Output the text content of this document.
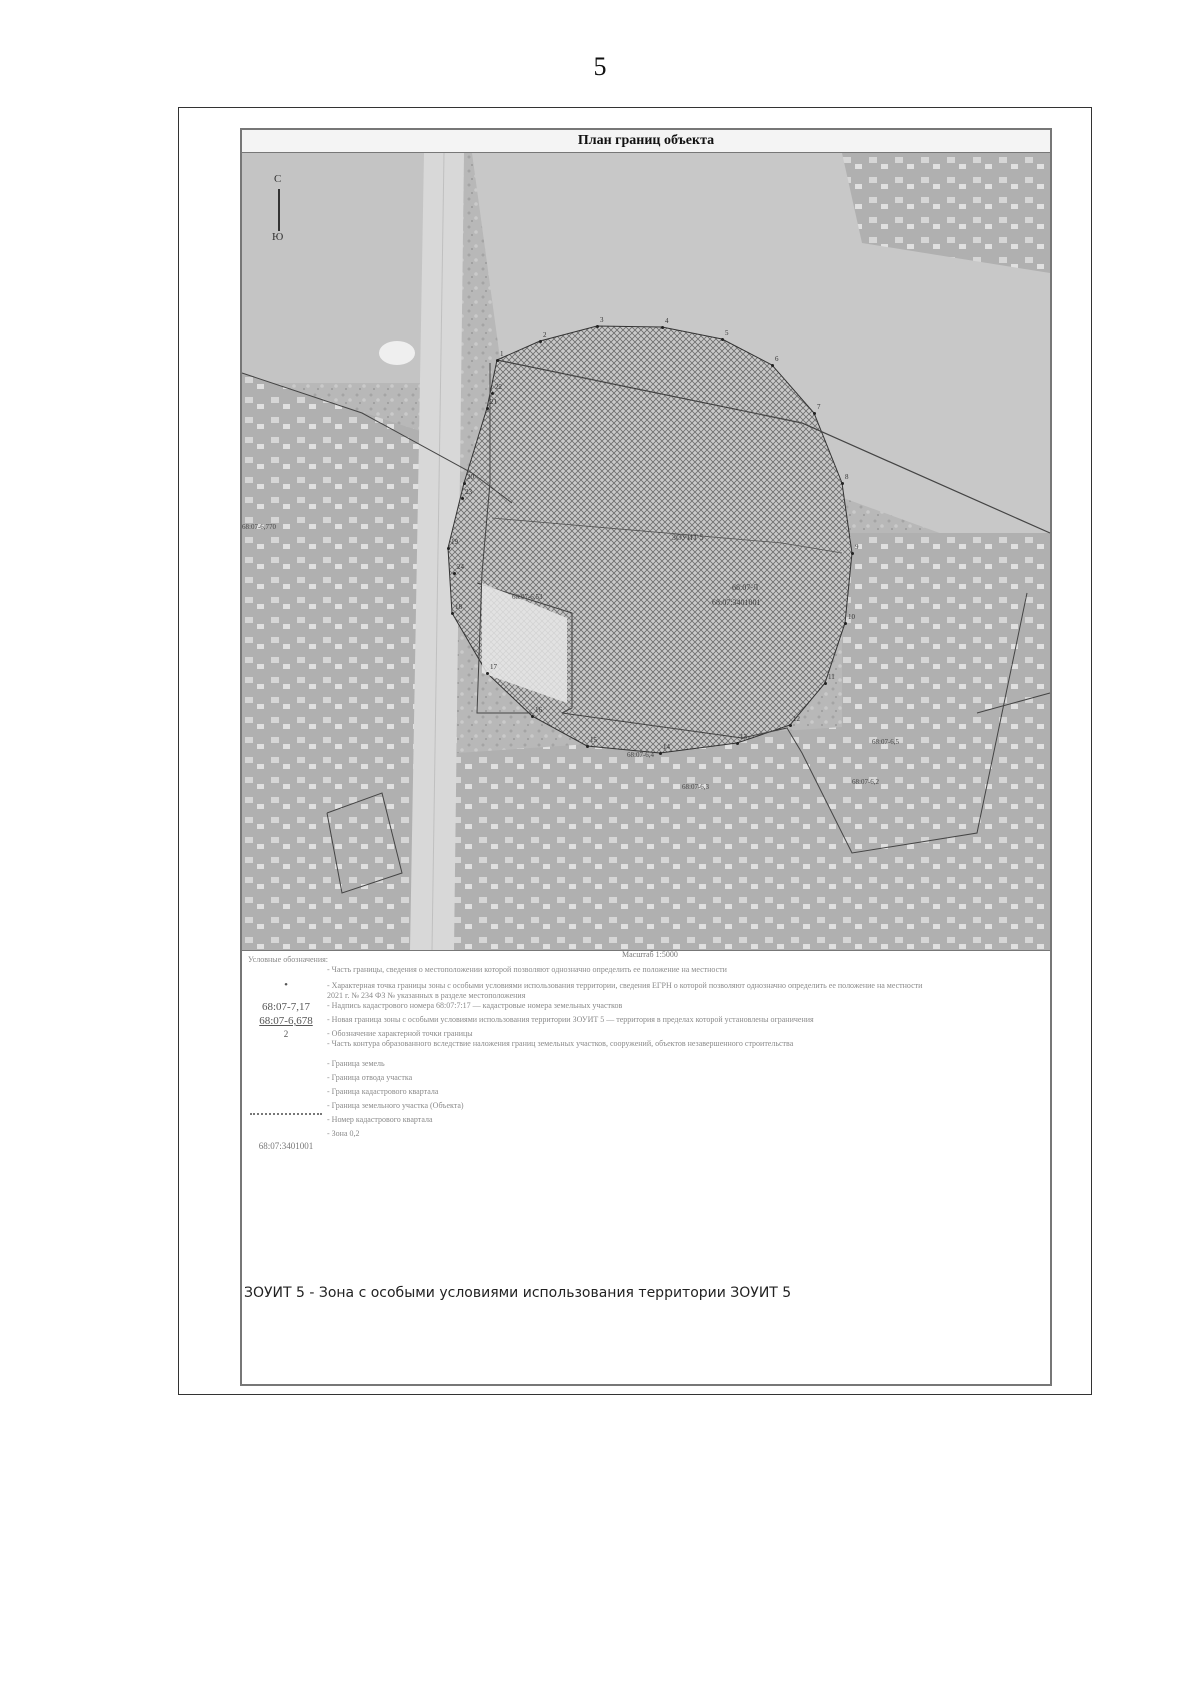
5
План границ объекта
С
Ю
ЗОУИТ 5
68:07-Л
68:07:3401001
68:07-6,53
68:07-6,5
68:07-6,2
68:07-6,4
68:07-6,3
68:07-6,770
1
2
3	4
5
6
7
8
9
10
11
12
13
14
15
16
17
18
19
20
21
22
23
24
Масштаб 1:5000
Условные обозначения:
•
68:07-7,17
68:07-6,678
2
68:07:3401001
- Часть границы, сведения о местоположении которой позволяют однозначно определить ее положение на местности
- Характерная точка границы зоны с особыми условиями использования территории, сведения ЕГРН о которой позволяют однозначно определить ее положение на местности
2021 г. № 234 ФЗ № указанных в разделе местоположения
- Надпись кадастрового номера 68:07:7:17 — кадастровые номера земельных участков
- Новая граница зоны с особыми условиями использования территории ЗОУИТ 5 — территория в пределах которой установлены ограничения
- Обозначение характерной точки границы
- Часть контура образованного вследствие наложения границ земельных участков, сооружений, объектов незавершенного строительства
- Граница земель
- Граница отвода участка
- Граница кадастрового квартала
- Граница земельного участка (Объекта)
- Номер кадастрового квартала
- Зона 0,2
ЗОУИТ 5 - Зона с особыми условиями использования территории ЗОУИТ 5
